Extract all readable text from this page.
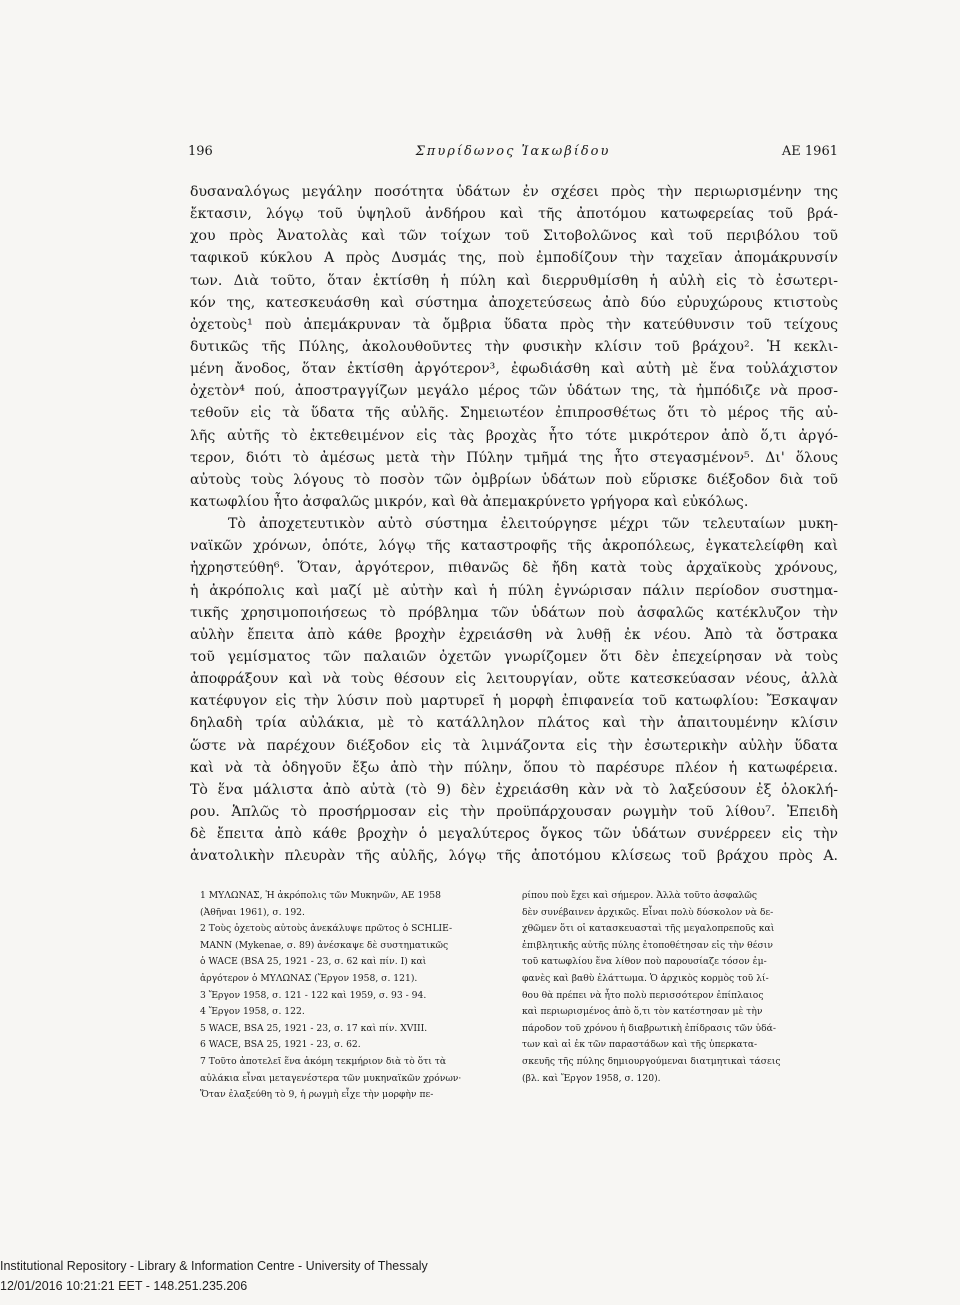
196	Σπυρίδωνος Ἰακωβίδου	ΑΕ 1961
δυσαναλόγως μεγάλην ποσότητα ὑδάτων ἐν σχέσει πρὸς τὴν περιωρισμένην της
ἔκτασιν, λόγῳ τοῦ ὑψηλοῦ ἀνδήρου καὶ τῆς ἀποτόμου κατωφερείας τοῦ βρά-
χου πρὸς Ἀνατολὰς καὶ τῶν τοίχων τοῦ Σιτοβολῶνος καὶ τοῦ περιβόλου τοῦ
ταφικοῦ κύκλου Α πρὸς Δυσμάς της, ποὺ ἐμποδίζουν τὴν ταχεῖαν ἀπομάκρυνσίν
των. Διὰ τοῦτο, ὅταν ἐκτίσθη ἡ πύλη καὶ διερρυθμίσθη ἡ αὐλὴ εἰς τὸ ἐσωτερι-
κόν της, κατεσκευάσθη καὶ σύστημα ἀποχετεύσεως ἀπὸ δύο εὐρυχώρους κτιστοὺς
ὀχετοὺς¹ ποὺ ἀπεμάκρυναν τὰ ὄμβρια ὕδατα πρὸς τὴν κατεύθυνσιν τοῦ τείχους
δυτικῶς τῆς Πύλης, ἀκολουθοῦντες τὴν φυσικὴν κλίσιν τοῦ βράχου². Ἡ κεκλι-
μένη ἄνοδος, ὅταν ἐκτίσθη ἀργότερον³, ἐφωδιάσθη καὶ αὐτὴ μὲ ἕνα τοὐλάχιστον
ὀχετὸν⁴ πού, ἀποστραγγίζων μεγάλο μέρος τῶν ὑδάτων της, τὰ ἠμπόδιζε νὰ προσ-
τεθοῦν εἰς τὰ ὕδατα τῆς αὐλῆς. Σημειωτέον ἐπιπροσθέτως ὅτι τὸ μέρος τῆς αὐ-
λῆς αὐτῆς τὸ ἐκτεθειμένον εἰς τὰς βροχὰς ἦτο τότε μικρότερον ἀπὸ ὅ,τι ἀργό-
τερον, διότι τὸ ἀμέσως μετὰ τὴν Πύλην τμῆμά της ἦτο στεγασμένον⁵. Δι' ὅλους
αὐτοὺς τοὺς λόγους τὸ ποσὸν τῶν ὀμβρίων ὑδάτων ποὺ εὕρισκε διέξοδον διὰ τοῦ
κατωφλίου ἦτο ἀσφαλῶς μικρόν, καὶ θὰ ἀπεμακρύνετο γρήγορα καὶ εὐκόλως.
Τὸ ἀποχετευτικὸν αὐτὸ σύστημα ἐλειτούργησε μέχρι τῶν τελευταίων μυκη-
ναϊκῶν χρόνων, ὁπότε, λόγῳ τῆς καταστροφῆς τῆς ἀκροπόλεως, ἐγκατελείφθη καὶ
ἠχρηστεύθη⁶. Ὅταν, ἀργότερον, πιθανῶς δὲ ἤδη κατὰ τοὺς ἀρχαϊκοὺς χρόνους,
ἡ ἀκρόπολις καὶ μαζί μὲ αὐτὴν καὶ ἡ πύλη ἐγνώρισαν πάλιν περίοδον συστημα-
τικῆς χρησιμοποιήσεως τὸ πρόβλημα τῶν ὑδάτων ποὺ ἀσφαλῶς κατέκλυζον τὴν
αὐλὴν ἔπειτα ἀπὸ κάθε βροχὴν ἐχρειάσθη νὰ λυθῇ ἐκ νέου. Ἀπὸ τὰ ὄστρακα
τοῦ γεμίσματος τῶν παλαιῶν ὀχετῶν γνωρίζομεν ὅτι δὲν ἐπεχείρησαν νὰ τοὺς
ἀποφράξουν καὶ νὰ τοὺς θέσουν εἰς λειτουργίαν, οὔτε κατεσκεύασαν νέους, ἀλλὰ
κατέφυγον εἰς τὴν λύσιν ποὺ μαρτυρεῖ ἡ μορφὴ ἐπιφανεία τοῦ κατωφλίου: Ἔσκαψαν
δηλαδὴ τρία αὐλάκια, μὲ τὸ κατάλληλον πλάτος καὶ τὴν ἀπαιτουμένην κλίσιν
ὥστε νὰ παρέχουν διέξοδον εἰς τὰ λιμνάζοντα εἰς τὴν ἐσωτερικὴν αὐλὴν ὕδατα
καὶ νὰ τὰ ὁδηγοῦν ἔξω ἀπὸ τὴν πύλην, ὅπου τὸ παρέσυρε πλέον ἡ κατωφέρεια.
Τὸ ἕνα μάλιστα ἀπὸ αὐτὰ (τὸ 9) δὲν ἐχρειάσθη κὰν νὰ τὸ λαξεύσουν ἐξ ὁλοκλή-
ρου. Ἁπλῶς τὸ προσήρμοσαν εἰς τὴν προϋπάρχουσαν ρωγμὴν τοῦ λίθου⁷. Ἐπειδὴ
δὲ ἔπειτα ἀπὸ κάθε βροχὴν ὁ μεγαλύτερος ὄγκος τῶν ὑδάτων συνέρρεεν εἰς τὴν
ἀνατολικὴν πλευρὰν τῆς αὐλῆς, λόγῳ τῆς ἀποτόμου κλίσεως τοῦ βράχου πρὸς Α.
1 ΜΥΛΩΝΑΣ, Ἡ ἀκρόπολις τῶν Μυκηνῶν, ΑΕ 1958
(Ἀθῆναι 1961), σ. 192.
2 Τοὺς ὀχετοὺς αὐτοὺς ἀνεκάλυψε πρῶτος ὁ SCHLIE-
MANN (Mykenae, σ. 89) ἀνέσκαψε δὲ συστηματικῶς
ὁ WACE (BSA 25, 1921 - 23, σ. 62 καὶ πίν. I) καὶ
ἀργότερον ὁ ΜΥΛΩΝΑΣ (Ἔργον 1958, σ. 121).
3 Ἔργον 1958, σ. 121 - 122 καὶ 1959, σ. 93 - 94.
4 Ἔργον 1958, σ. 122.
5 WACE, BSA 25, 1921 - 23, σ. 17 καὶ πίν. XVIII.
6 WACE, BSA 25, 1921 - 23, σ. 62.
7 Τοῦτο ἀποτελεῖ ἕνα ἀκόμη τεκμήριον διὰ τὸ ὅτι τὰ
αὐλάκια εἶναι μεταγενέστερα τῶν μυκηναϊκῶν χρόνων·
Ὅταν ἐλαξεύθη τὸ 9, ἡ ρωγμὴ εἶχε τὴν μορφὴν πε-
ρίπου ποὺ ἔχει καὶ σήμερον. Ἀλλὰ τοῦτο ἀσφαλῶς
δὲν συνέβαινεν ἀρχικῶς. Εἶναι πολὺ δύσκολον νὰ δε-
χθῶμεν ὅτι οἱ κατασκευασταὶ τῆς μεγαλοπρεποῦς καὶ
ἐπιβλητικῆς αὐτῆς πύλης ἐτοποθέτησαν εἰς τὴν θέσιν
τοῦ κατωφλίου ἕνα λίθον ποὺ παρουσίαζε τόσον ἐμ-
φανὲς καὶ βαθὺ ἐλάττωμα. Ὁ ἀρχικὸς κορμὸς τοῦ λί-
θου θὰ πρέπει νὰ ἦτο πολὺ περισσότερον ἐπίπλαιος
καὶ περιωρισμένος ἀπὸ ὅ,τι τὸν κατέστησαν μὲ τὴν
πάροδον τοῦ χρόνου ἡ διαβρωτικὴ ἐπίδρασις τῶν ὑδά-
των καὶ αἱ ἐκ τῶν παραστάδων καὶ τῆς ὑπερκατα-
σκευῆς τῆς πύλης δημιουργούμεναι διατμητικαὶ τάσεις
(βλ. καὶ Ἔργον 1958, σ. 120).
Institutional Repository - Library & Information Centre - University of Thessaly
12/01/2016 10:21:21 EET - 148.251.235.206
